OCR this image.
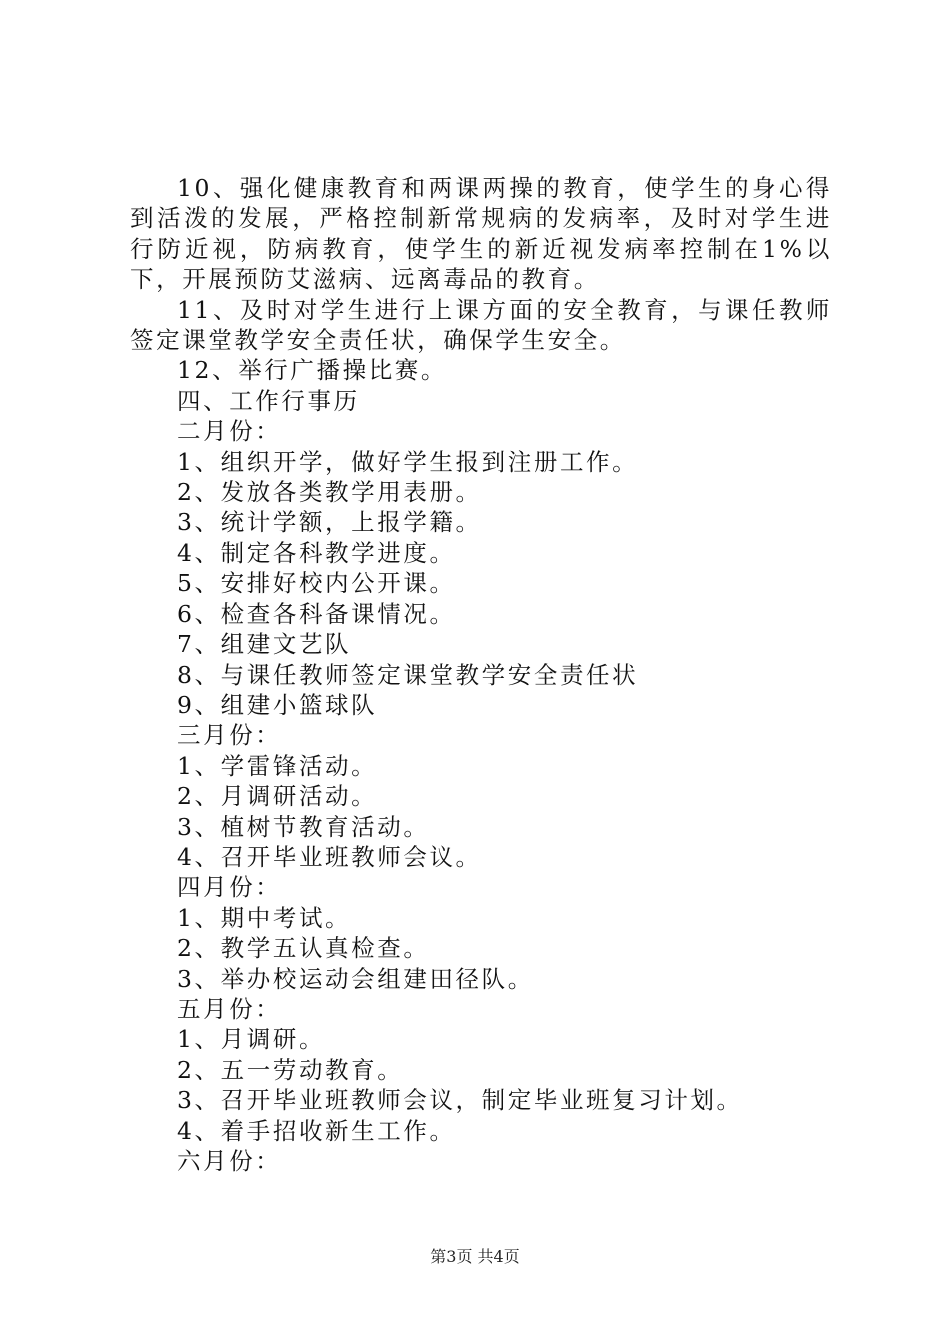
10、强化健康教育和两课两操的教育，使学生的身心得到活泼的发展，严格控制新常规病的发病率，及时对学生进行防近视，防病教育，使学生的新近视发病率控制在1%以下，开展预防艾滋病、远离毒品的教育。

11、及时对学生进行上课方面的安全教育，与课任教师签定课堂教学安全责任状，确保学生安全。

12、举行广播操比赛。

四、工作行事历

二月份：

1、组织开学，做好学生报到注册工作。

2、发放各类教学用表册。

3、统计学额，上报学籍。

4、制定各科教学进度。

5、安排好校内公开课。

6、检查各科备课情况。

7、组建文艺队

8、与课任教师签定课堂教学安全责任状

9、组建小篮球队

三月份：

1、学雷锋活动。

2、月调研活动。

3、植树节教育活动。

4、召开毕业班教师会议。

四月份：

1、期中考试。

2、教学五认真检查。

3、举办校运动会组建田径队。

五月份：

1、月调研。

2、五一劳动教育。

3、召开毕业班教师会议，制定毕业班复习计划。

4、着手招收新生工作。

六月份：

第3页 共4页
